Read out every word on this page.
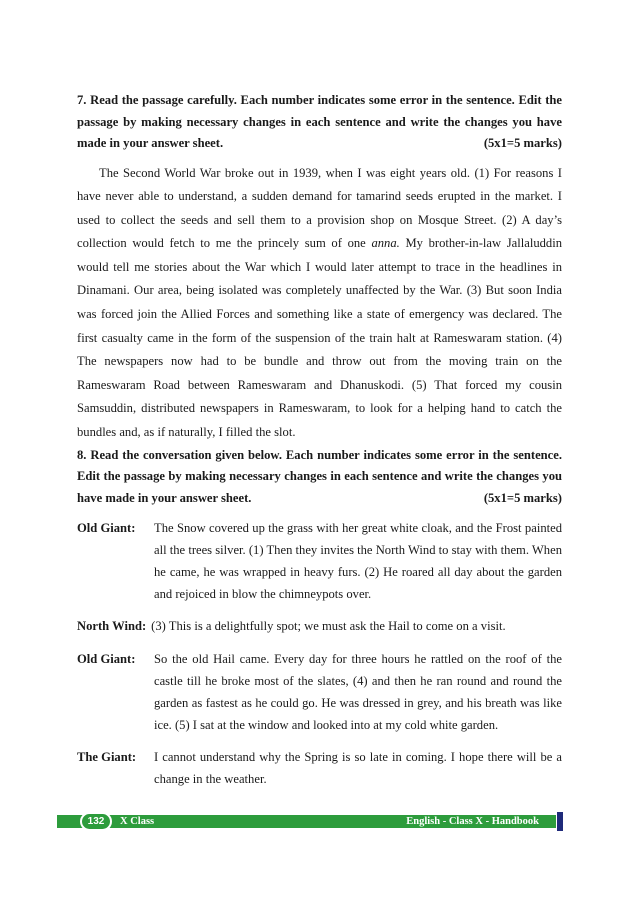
7. Read the passage carefully. Each number indicates some error in the sentence. Edit the passage by making necessary changes in each sentence and write the changes you have made in your answer sheet.	(5x1=5 marks)
The Second World War broke out in 1939, when I was eight years old. (1) For reasons I have never able to understand, a sudden demand for tamarind seeds erupted in the market. I used to collect the seeds and sell them to a provision shop on Mosque Street. (2) A day’s collection would fetch to me the princely sum of one anna. My brother-in-law Jallaluddin would tell me stories about the War which I would later attempt to trace in the headlines in Dinamani. Our area, being isolated was completely unaffected by the War. (3) But soon India was forced join the Allied Forces and something like a state of emergency was declared. The first casualty came in the form of the suspension of the train halt at Rameswaram station. (4) The newspapers now had to be bundle and throw out from the moving train on the Rameswaram Road between Rameswaram and Dhanuskodi. (5) That forced my cousin Samsuddin, distributed newspapers in Rameswaram, to look for a helping hand to catch the bundles and, as if naturally, I filled the slot.
8. Read the conversation given below. Each number indicates some error in the sentence. Edit the passage by making necessary changes in each sentence and write the changes you have made in your answer sheet.	(5x1=5 marks)
Old Giant:	The Snow covered up the grass with her great white cloak, and the Frost painted all the trees silver. (1) Then they invites the North Wind to stay with them. When he came, he was wrapped in heavy furs. (2) He roared all day about the garden and rejoiced in blow the chimneypots over.
North Wind: (3) This is a delightfully spot; we must ask the Hail to come on a visit.
Old Giant:	So the old Hail came. Every day for three hours he rattled on the roof of the castle till he broke most of the slates, (4) and then he ran round and round the garden as fastest as he could go. He was dressed in grey, and his breath was like ice. (5) I sat at the window and looked into at my cold white garden.
The Giant:	I cannot understand why the Spring is so late in coming. I hope there will be a change in the weather.
132	X Class	English - Class X - Handbook
